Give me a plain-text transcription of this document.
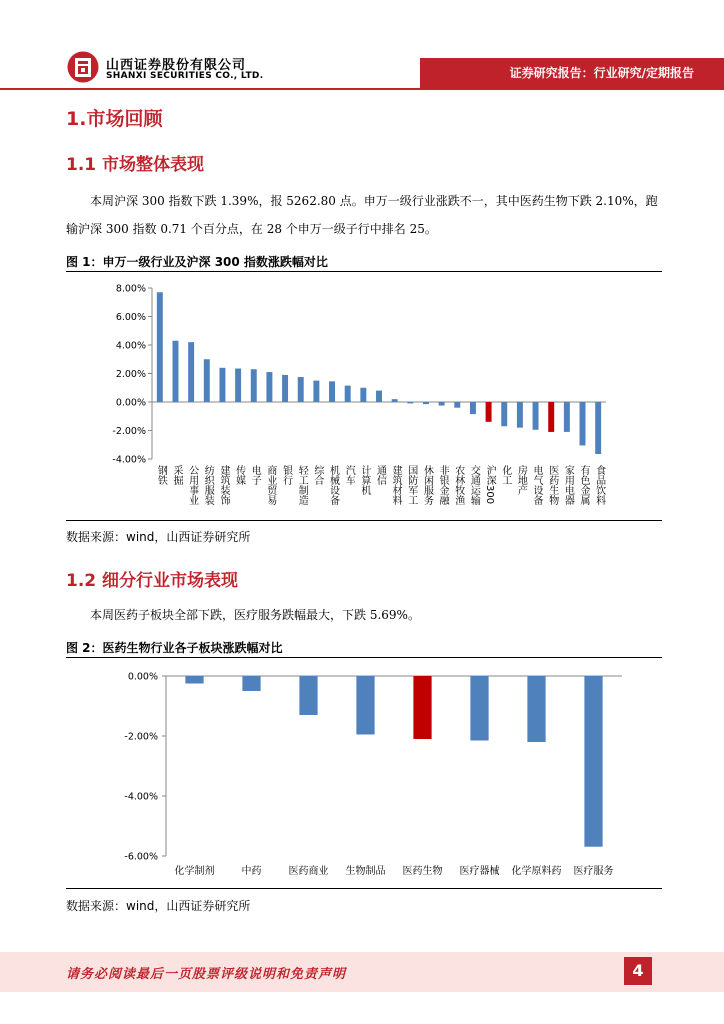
山西证券股份有限公司
SHANXI SECURITIES CO., LTD.	证券研究报告：行业研究/定期报告
1.市场回顾
1.1 市场整体表现
本周沪深 300 指数下跌 1.39%，报 5262.80 点。申万一级行业涨跌不一，其中医药生物下跌 2.10%，跑输沪深 300 指数 0.71 个百分点，在 28 个申万一级子行中排名 25。
图 1：申万一级行业及沪深 300 指数涨跌幅对比
8.00%
6.00%
4.00%
2.00%
0.00%
-2.00%
-4.00%
钢铁 采掘 公用事业 纺织服装 建筑装饰 传媒 电子 商业贸易 银行 轻工制造 综合 机械设备 汽车 计算机 通信 建筑材料 国防军工 休闲服务 非银金融 农林牧渔 交通运输 沪深300 化工 房地产 电气设备 医药生物 家用电器 有色金属 食品饮料
数据来源：wind，山西证券研究所
1.2 细分行业市场表现
本周医药子板块全部下跌，医疗服务跌幅最大，下跌 5.69%。
图 2：医药生物行业各子板块涨跌幅对比
0.00%
-2.00%
-4.00%
-6.00%
化学制剂	中药	医药商业 生物制品 医药生物 医疗器械 化学原料药 医疗服务
数据来源：wind，山西证券研究所
请务必阅读最后一页股票评级说明和免责声明	4
